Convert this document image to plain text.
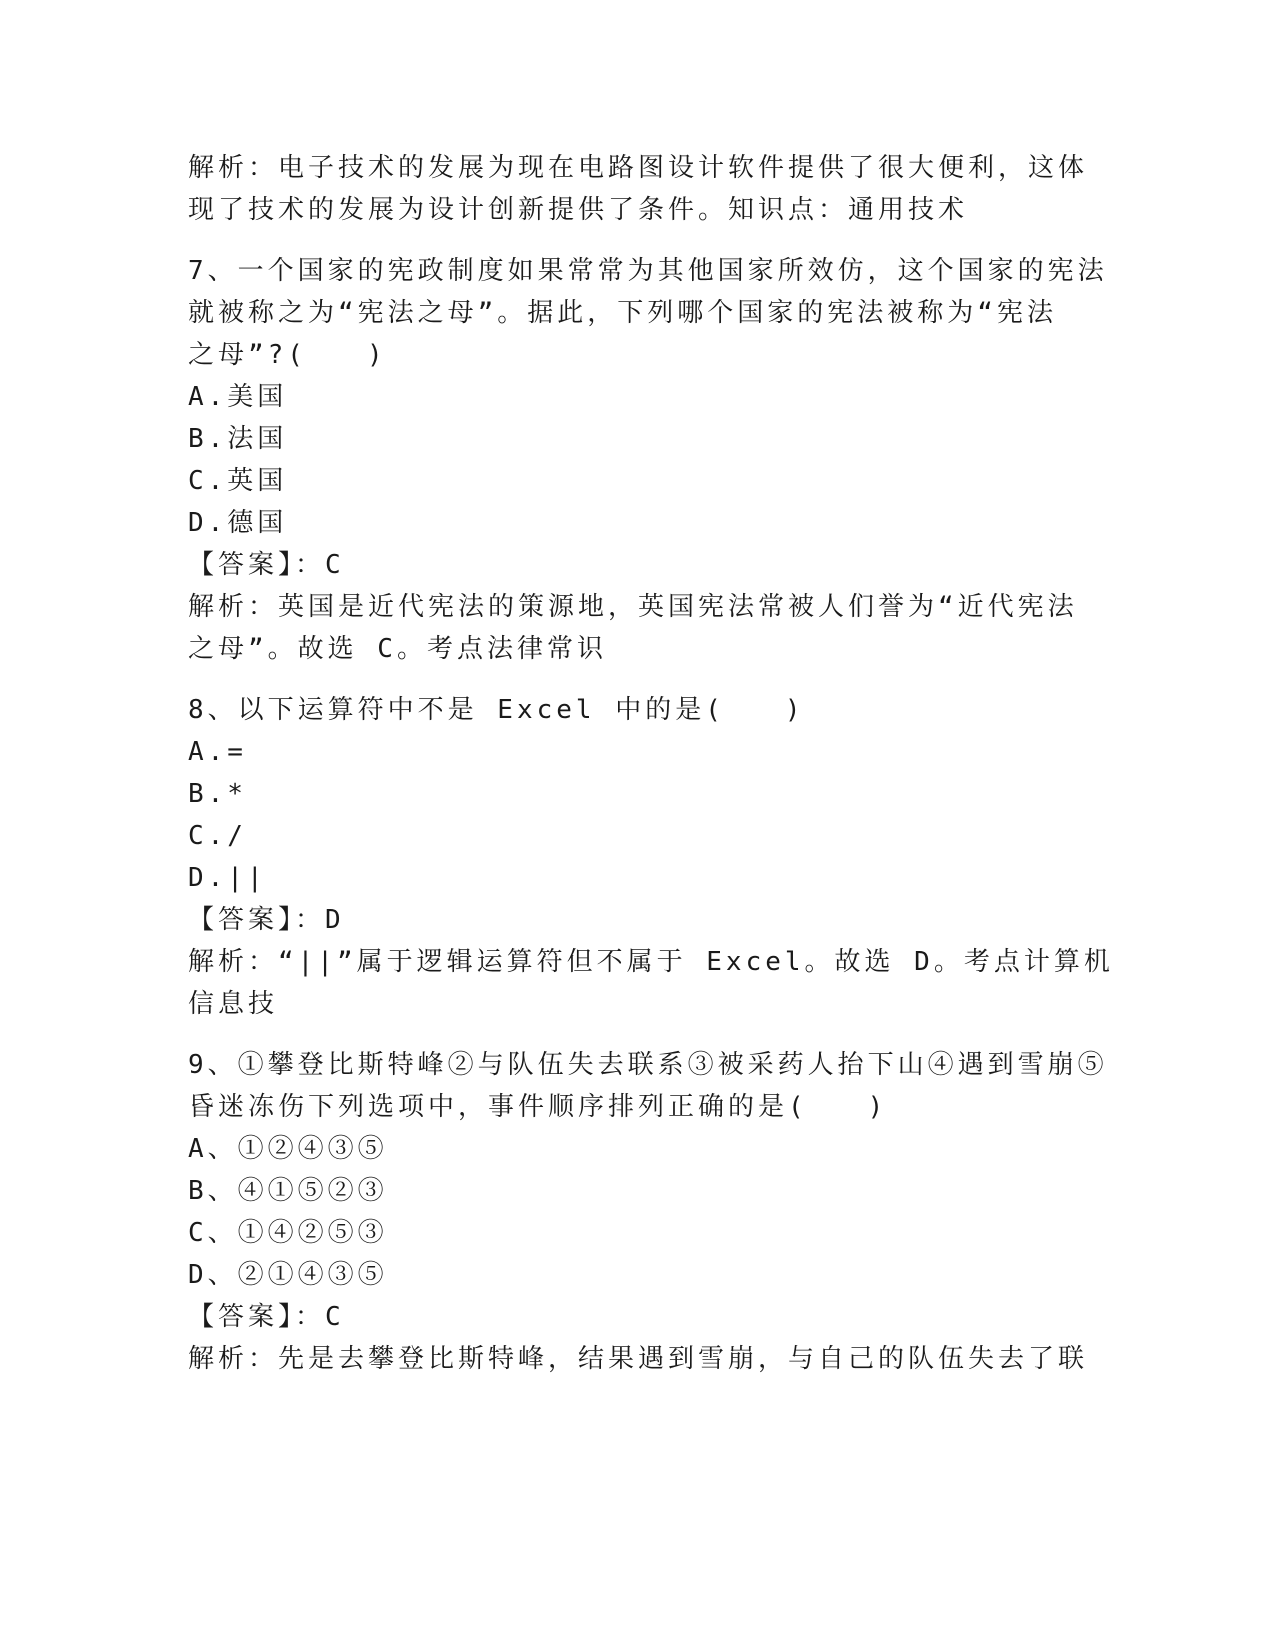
解析：电子技术的发展为现在电路图设计软件提供了很大便利，这体
现了技术的发展为设计创新提供了条件。知识点：通用技术
7、一个国家的宪政制度如果常常为其他国家所效仿，这个国家的宪法
就被称之为“宪法之母”。据此，下列哪个国家的宪法被称为“宪法
之母”?(　　)
A.美国
B.法国
C.英国
D.德国
【答案】：C
解析：英国是近代宪法的策源地，英国宪法常被人们誉为“近代宪法
之母”。故选 C。考点法律常识
8、以下运算符中不是 Excel 中的是(　　)
A.=
B.*
C./
D.||
【答案】：D
解析：“||”属于逻辑运算符但不属于 Excel。故选 D。考点计算机
信息技
9、①攀登比斯特峰②与队伍失去联系③被采药人抬下山④遇到雪崩⑤
昏迷冻伤下列选项中，事件顺序排列正确的是(　　)
A、①②④③⑤
B、④①⑤②③
C、①④②⑤③
D、②①④③⑤
【答案】：C
解析：先是去攀登比斯特峰，结果遇到雪崩，与自己的队伍失去了联
